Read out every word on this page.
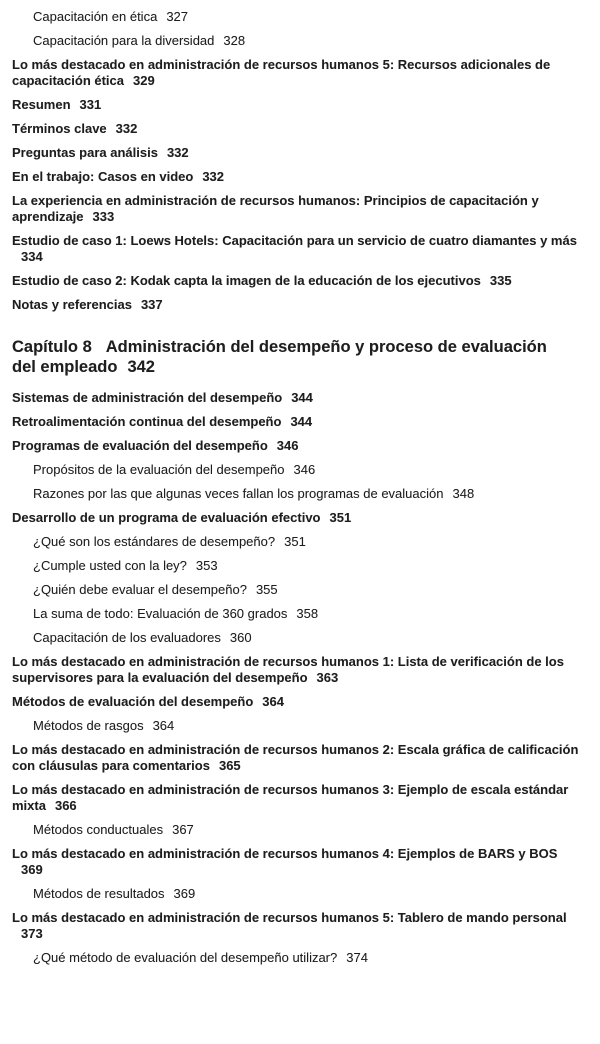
Capacitación en ética 327
Capacitación para la diversidad 328
Lo más destacado en administración de recursos humanos 5: Recursos adicionales de capacitación ética 329
Resumen 331
Términos clave 332
Preguntas para análisis 332
En el trabajo: Casos en video 332
La experiencia en administración de recursos humanos: Principios de capacitación y aprendizaje 333
Estudio de caso 1: Loews Hotels: Capacitación para un servicio de cuatro diamantes y más334
Estudio de caso 2: Kodak capta la imagen de la educación de los ejecutivos 335
Notas y referencias 337
Capítulo 8 Administración del desempeño y proceso de evaluación del empleado 342
Sistemas de administración del desempeño 344
Retroalimentación continua del desempeño 344
Programas de evaluación del desempeño 346
Propósitos de la evaluación del desempeño 346
Razones por las que algunas veces fallan los programas de evaluación 348
Desarrollo de un programa de evaluación efectivo 351
¿Qué son los estándares de desempeño? 351
¿Cumple usted con la ley? 353
¿Quién debe evaluar el desempeño? 355
La suma de todo: Evaluación de 360 grados 358
Capacitación de los evaluadores 360
Lo más destacado en administración de recursos humanos 1: Lista de verificación de los supervisores para la evaluación del desempeño 363
Métodos de evaluación del desempeño 364
Métodos de rasgos 364
Lo más destacado en administración de recursos humanos 2: Escala gráfica de calificación con cláusulas para comentarios 365
Lo más destacado en administración de recursos humanos 3: Ejemplo de escala estándar mixta 366
Métodos conductuales 367
Lo más destacado en administración de recursos humanos 4: Ejemplos de BARS y BOS369
Métodos de resultados 369
Lo más destacado en administración de recursos humanos 5: Tablero de mando personal373
¿Qué método de evaluación del desempeño utilizar? 374
